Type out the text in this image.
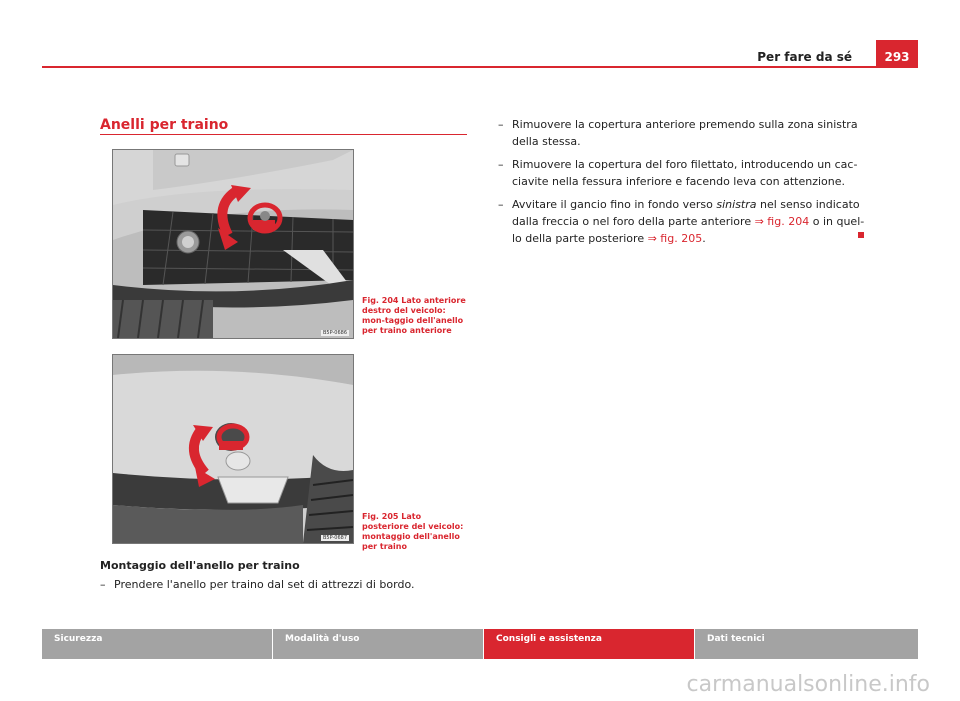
Per fare da sé	293
Anelli per traino
B5P-0686
Fig. 204 Lato anteriore destro del veicolo: mon-taggio dell'anello per traino anteriore
B5P-0687
Fig. 205 Lato posteriore del veicolo: montaggio dell'anello per traino
Montaggio dell'anello per traino
– Prendere l'anello per traino dal set di attrezzi di bordo.
– Rimuovere la copertura anteriore premendo sulla zona sinistra
della stessa.
– Rimuovere la copertura del foro filettato, introducendo un cac-
ciavite nella fessura inferiore e facendo leva con attenzione.
– Avvitare il gancio fino in fondo verso sinistra nel senso indicato
dalla freccia o nel foro della parte anteriore ⇒ fig. 204 o in quel-
lo della parte posteriore ⇒ fig. 205.
Sicurezza	Modalità d'uso	Consigli e assistenza	Dati tecnici
carmanualsonline.info
